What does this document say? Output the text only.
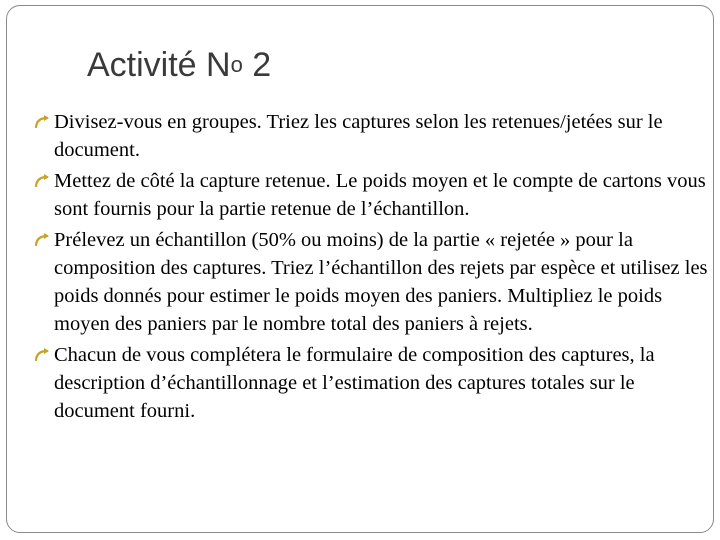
Activité $N^o$ 2
Divisez-vous en groupes. Triez les captures selon les retenues/jetées sur le document.
Mettez de côté la capture retenue. Le poids moyen et le compte de cartons vous sont fournis pour la partie retenue de l’échantillon.
Prélevez un échantillon (50% ou moins) de la partie « rejetée » pour la composition des captures. Triez l’échantillon des rejets par espèce et utilisez les poids donnés pour estimer le poids moyen des paniers. Multipliez le poids moyen des paniers par le nombre total des paniers à rejets.
Chacun de vous complétera le formulaire de composition des captures, la description d’échantillonnage et l’estimation des captures totales sur le document fourni.
